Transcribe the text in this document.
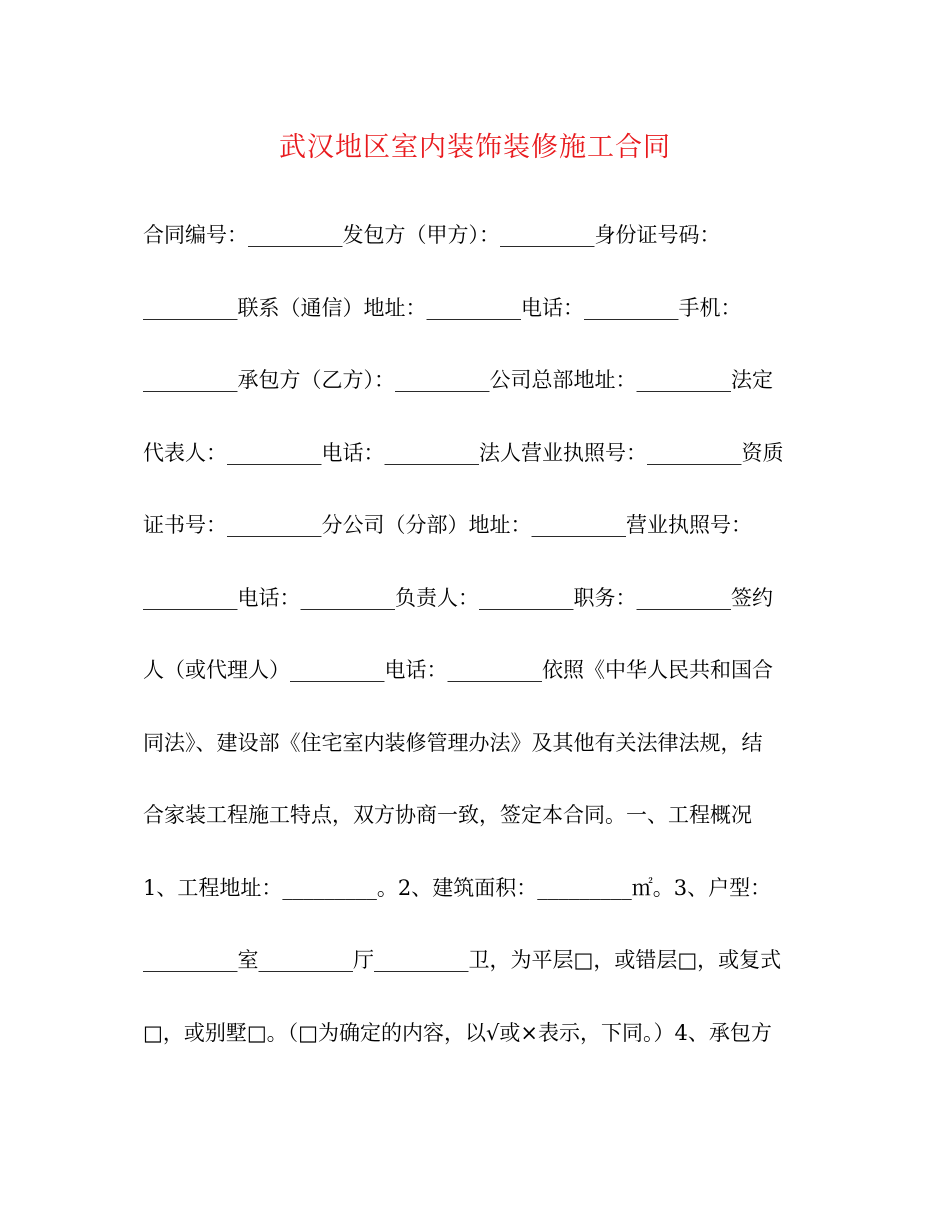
武汉地区室内装饰装修施工合同
合同编号：_________发包方（甲方）：_________身份证号码：
_________联系（通信）地址：_________电话：_________手机：
_________承包方（乙方）：_________公司总部地址：_________法定
代表人：_________电话：_________法人营业执照号：_________资质
证书号：_________分公司（分部）地址：_________营业执照号：
_________电话：_________负责人：_________职务：_________签约
人（或代理人）_________电话：_________依照《中华人民共和国合
同法》、建设部《住宅室内装修管理办法》及其他有关法律法规，结
合家装工程施工特点，双方协商一致，签定本合同。一、工程概况
1、工程地址：_________。2、建筑面积：_________㎡。3、户型：
_________室_________厅_________卫，为平层□，或错层□，或复式
□，或别墅□。（□为确定的内容，以√或×表示，下同。）4、承包方
